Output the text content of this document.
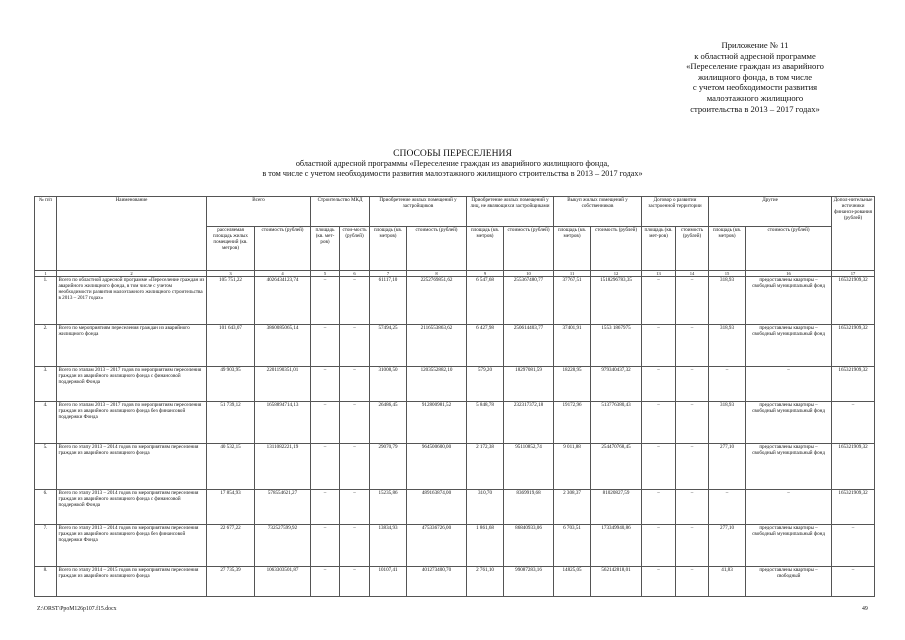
Приложение № 11
к областной адресной программе
«Переселение граждан из аварийного
жилищного фонда, в том числе
с учетом необходимости развития
малоэтажного жилищного
строительства в 2013 – 2017 годах»
СПОСОБЫ ПЕРЕСЕЛЕНИЯ
областной адресной программы «Переселение граждан из аварийного жилищного фонда,
в том числе с учетом необходимости развития малоэтажного жилищного строительства в 2013 – 2017 годах»
№ п/п	Наименование	Всего		Строительство МКД		Приобретение жилых помещений у застройщиков		Приобретение жилых помещений у лиц, не являющихся застройщиками		Выкуп жилых помещений у собственников		Договор о развитии застроенной территории		Другие		Допол-нительные источники финанси-рования (рублей)
		расселяемая площадь жилых помещений (кв. метров)	стоимость (рублей)	площадь (кв. мет-ров)	стои-мость (рублей)	площадь (кв. метров)	стоимость (рублей)	площадь (кв. метров)	стоимость (рублей)	площадь (кв. метров)	стоимость (рублей)	площадь (кв. мет-ров)	стоимость (рублей)	площадь (кв. метров)	стоимость (рублей)	
1	2	3	4	5	6	7	8	9	10	11	12	13	14	15	16	17
1.	Всего по областной адресной программе «Переселение граждан из аварийного жилищного фонда, в том числе с учетом необходимости развития малоэтажного жилищного строительства в 2013 – 2017 годах»	105 751,22	4026434123,74	–	–	61117,10	2252769851,62	6 547,68	255367480,77	37767,51	1518296783,35	–	–	318,93	предоставлены квартиры – свободный муниципальный фонд	165321909,32
2.	Всего по мероприятиям переселения граждан из аварийного жилищного фонда	101 643,07	3860085065,14	–	–	57494,25	2116553863,62	6 427,98	250614403,77	37401,91	1553 1867975	–	–	318,93	предоставлены квартиры – свободный муниципальный фонд	165321909,32
3.	Всего по этапам 2013 – 2017 годов по мероприятиям переселения граждан из аварийного жилищного фонда с финансовой поддержкой Фонда	49 903,95	2201190351,01	–	–	31008,50	1203552882,10	579,20	18297081,59	18228,95	979340437,32	–	–	–	–	165321909,32
4.	Всего по этапам 2013 – 2017 годов по мероприятиям переселения граждан из аварийного жилищного фонда без финансовой поддержки Фонда	51 739,12	1658894714,13	–	–	26486,45	912800981,52	5 848,78	232317372,18	19172,96	513776380,43	–	–	318,93	предоставлены квартиры – свободный муниципальный фонд	–
5.	Всего по этапу 2013 – 2014 годов по мероприятиям переселения граждан из аварийного жилищного фонда	40 532,15	1311082221,19	–	–	29070,79	964500600,00	2 172,38	95110852,74	9 011,88	254470768,45	–	–	277,10	предоставлены квартиры – свободный муниципальный фонд	165321909,32
6.	Всего по этапу 2013 – 2014 годов по мероприятиям переселения граждан из аварийного жилищного фонда с финансовой поддержкой Фонда	17 854,93	578554621,27	–	–	15235,86	489163874,00	310,70	8369919,68	2 308,37	81020827,59	–	–	–	–	165321909,32
7.	Всего по этапу 2013 – 2014 годов по мероприятиям переселения граждан из аварийного жилищного фонда без финансовой поддержки Фонда	22 677,22	732527599,92	–	–	13834,93	475336726,00	1 861,68	86840933,06	6 703,51	173349940,86	–	–	277,10	предоставлены квартиры – свободный муниципальный фонд	–
8.	Всего по этапу 2014 – 2015 годов по мероприятиям переселения граждан из аварийного жилищного фонда	27 735,39	1063303501,87	–	–	10107,41	401273400,70	2 761,10	99087283,16	14825,05	562142818,01	–	–	41,83	предоставлены квартиры – свободный	–
Z:\ORST\PpoM126p107.f15.docx	49
